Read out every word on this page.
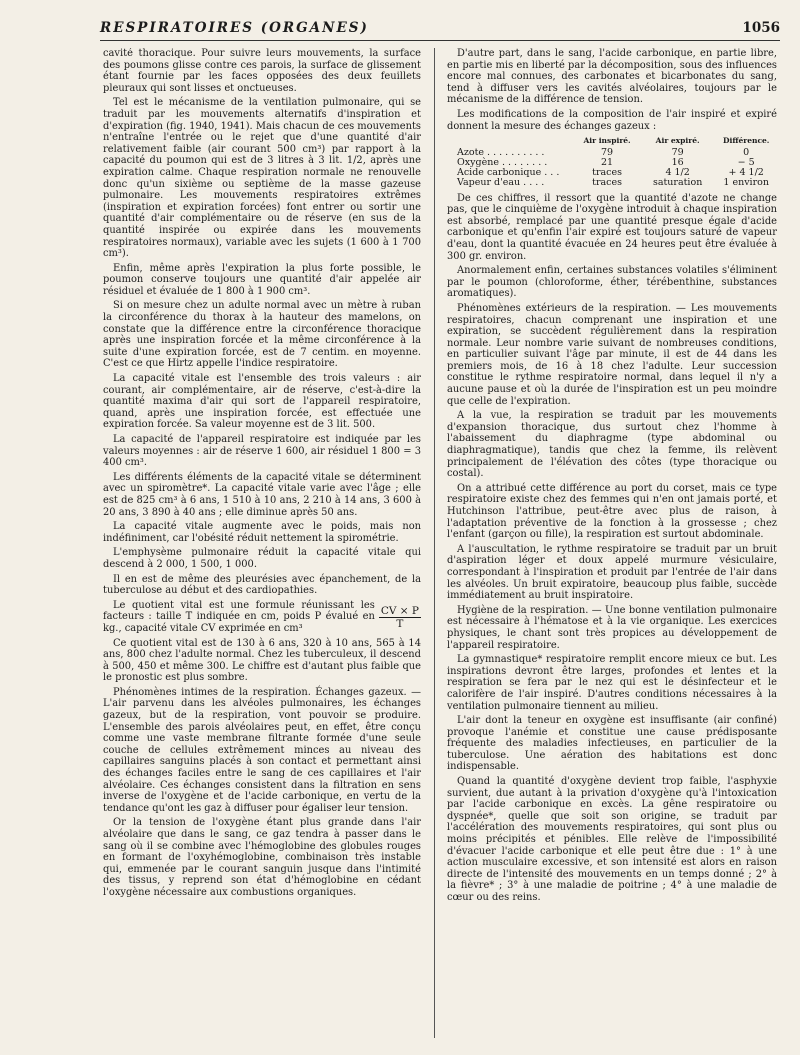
RESPIRATOIRES (ORGANES)	1056

cavité thoracique. Pour suivre leurs mouvements, la surface des poumons glisse contre ces parois, la surface de glissement étant fournie par les faces opposées des deux feuillets pleuraux qui sont lisses et onctueuses.

Tel est le mécanisme de la ventilation pulmonaire, qui se traduit par les mouvements alternatifs d'inspiration et d'expiration (fig. 1940, 1941). Mais chacun de ces mouvements n'entraîne l'entrée ou le rejet que d'une quantité d'air relativement faible (air courant 500 cm³) par rapport à la capacité du poumon qui est de 3 litres à 3 lit. 1/2, après une expiration calme. Chaque respiration normale ne renouvelle donc qu'un sixième ou septième de la masse gazeuse pulmonaire. Les mouvements respiratoires extrêmes (inspiration et expiration forcées) font entrer ou sortir une quantité d'air complémentaire ou de réserve (en sus de la quantité inspirée ou expirée dans les mouvements respiratoires normaux), variable avec les sujets (1 600 à 1 700 cm³).

Enfin, même après l'expiration la plus forte possible, le poumon conserve toujours une quantité d'air appelée air résiduel et évaluée de 1 800 à 1 900 cm³.

Si on mesure chez un adulte normal avec un mètre à ruban la circonférence du thorax à la hauteur des mamelons, on constate que la différence entre la circonférence thoracique après une inspiration forcée et la même circonférence à la suite d'une expiration forcée, est de 7 centim. en moyenne. C'est ce que Hirtz appelle l'indice respiratoire.

La capacité vitale est l'ensemble des trois valeurs : air courant, air complémentaire, air de réserve, c'est-à-dire la quantité maxima d'air qui sort de l'appareil respiratoire, quand, après une inspiration forcée, est effectuée une expiration forcée. Sa valeur moyenne est de 3 lit. 500.

La capacité de l'appareil respiratoire est indiquée par les valeurs moyennes : air de réserve 1 600, air résiduel 1 800 = 3 400 cm³.

Les différents éléments de la capacité vitale se déterminent avec un spiromètre*. La capacité vitale varie avec l'âge ; elle est de 825 cm³ à 6 ans, 1 510 à 10 ans, 2 210 à 14 ans, 3 600 à 20 ans, 3 890 à 40 ans ; elle diminue après 50 ans.

La capacité vitale augmente avec le poids, mais non indéfiniment, car l'obésité réduit nettement la spirométrie.

L'emphysème pulmonaire réduit la capacité vitale qui descend à 2 000, 1 500, 1 000.

Il en est de même des pleurésies avec épanchement, de la tuberculose au début et des cardiopathies.

Le quotient vital est une formule réunissant les facteurs : taille T indiquée en cm, poids P évalué en kg., capacité vitale CV exprimée en cm³	$\frac{CV \times P}{T}$

Ce quotient vital est de 130 à 6 ans, 320 à 10 ans, 565 à 14 ans, 800 chez l'adulte normal. Chez les tuberculeux, il descend à 500, 450 et même 300. Le chiffre est d'autant plus faible que le pronostic est plus sombre.

Phénomènes intimes de la respiration. Échanges gazeux. — L'air parvenu dans les alvéoles pulmonaires, les échanges gazeux, but de la respiration, vont pouvoir se produire. L'ensemble des parois alvéolaires peut, en effet, être conçu comme une vaste membrane filtrante formée d'une seule couche de cellules extrêmement minces au niveau des capillaires sanguins placés à son contact et permettant ainsi des échanges faciles entre le sang de ces capillaires et l'air alvéolaire. Ces échanges consistent dans la filtration en sens inverse de l'oxygène et de l'acide carbonique, en vertu de la tendance qu'ont les gaz à diffuser pour égaliser leur tension.

Or la tension de l'oxygène étant plus grande dans l'air alvéolaire que dans le sang, ce gaz tendra à passer dans le sang où il se combine avec l'hémoglobine des globules rouges en formant de l'oxyhémoglobine, combinaison très instable qui, emmenée par le courant sanguin jusque dans l'intimité des tissus, y reprend son état d'hémoglobine en cédant l'oxygène nécessaire aux combustions organiques.

D'autre part, dans le sang, l'acide carbonique, en partie libre, en partie mis en liberté par la décomposition, sous des influences encore mal connues, des carbonates et bicarbonates du sang, tend à diffuser vers les cavités alvéolaires, toujours par le mécanisme de la différence de tension.

Les modifications de la composition de l'air inspiré et expiré donnent la mesure des échanges gazeux :

Air inspiré.	Air expiré.	Différence.
Azote . . . . . . . . . .	79	79	0
Oxygène . . . . . . . .	21	16	− 5
Acide carbonique . . .	traces	4 1/2	+ 4 1/2
Vapeur d'eau . . . .	traces	saturation	1 environ

De ces chiffres, il ressort que la quantité d'azote ne change pas, que le cinquième de l'oxygène introduit à chaque inspiration est absorbé, remplacé par une quantité presque égale d'acide carbonique et qu'enfin l'air expiré est toujours saturé de vapeur d'eau, dont la quantité évacuée en 24 heures peut être évaluée à 300 gr. environ.

Anormalement enfin, certaines substances volatiles s'éliminent par le poumon (chloroforme, éther, térébenthine, substances aromatiques).

Phénomènes extérieurs de la respiration. — Les mouvements respiratoires, chacun comprenant une inspiration et une expiration, se succèdent régulièrement dans la respiration normale. Leur nombre varie suivant de nombreuses conditions, en particulier suivant l'âge par minute, il est de 44 dans les premiers mois, de 16 à 18 chez l'adulte. Leur succession constitue le rythme respiratoire normal, dans lequel il n'y a aucune pause et où la durée de l'inspiration est un peu moindre que celle de l'expiration.

A la vue, la respiration se traduit par les mouvements d'expansion thoracique, dus surtout chez l'homme à l'abaissement du diaphragme (type abdominal ou diaphragmatique), tandis que chez la femme, ils relèvent principalement de l'élévation des côtes (type thoracique ou costal).

On a attribué cette différence au port du corset, mais ce type respiratoire existe chez des femmes qui n'en ont jamais porté, et Hutchinson l'attribue, peut-être avec plus de raison, à l'adaptation préventive de la fonction à la grossesse ; chez l'enfant (garçon ou fille), la respiration est surtout abdominale.

A l'auscultation, le rythme respiratoire se traduit par un bruit d'aspiration léger et doux appelé murmure vésiculaire, correspondant à l'inspiration et produit par l'entrée de l'air dans les alvéoles. Un bruit expiratoire, beaucoup plus faible, succède immédiatement au bruit inspiratoire.

Hygiène de la respiration. — Une bonne ventilation pulmonaire est nécessaire à l'hématose et à la vie organique. Les exercices physiques, le chant sont très propices au développement de l'appareil respiratoire.

La gymnastique* respiratoire remplit encore mieux ce but. Les inspirations devront être larges, profondes et lentes et la respiration se fera par le nez qui est le désinfecteur et le calorifère de l'air inspiré. D'autres conditions nécessaires à la ventilation pulmonaire tiennent au milieu.

L'air dont la teneur en oxygène est insuffisante (air confiné) provoque l'anémie et constitue une cause prédisposante fréquente des maladies infectieuses, en particulier de la tuberculose. Une aération des habitations est donc indispensable.

Quand la quantité d'oxygène devient trop faible, l'asphyxie survient, due autant à la privation d'oxygène qu'à l'intoxication par l'acide carbonique en excès. La gêne respiratoire ou dyspnée*, quelle que soit son origine, se traduit par l'accélération des mouvements respiratoires, qui sont plus ou moins précipités et pénibles. Elle relève de l'impossibilité d'évacuer l'acide carbonique et elle peut être due : 1° à une action musculaire excessive, et son intensité est alors en raison directe de l'intensité des mouvements en un temps donné ; 2° à la fièvre* ; 3° à une maladie de poitrine ; 4° à une maladie de cœur ou des reins.
